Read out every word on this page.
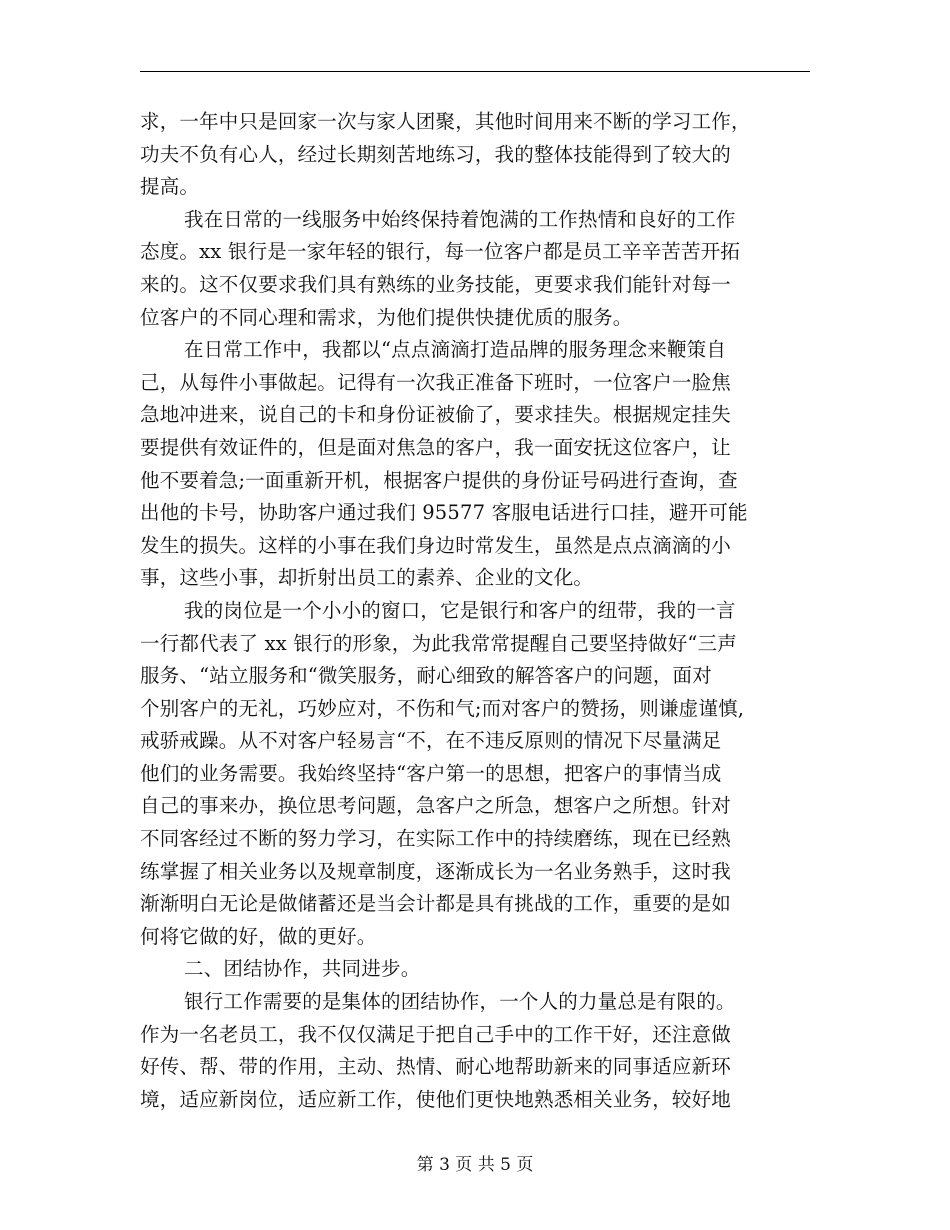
求，一年中只是回家一次与家人团聚，其他时间用来不断的学习工作，
功夫不负有心人，经过长期刻苦地练习，我的整体技能得到了较大的
提高。
我在日常的一线服务中始终保持着饱满的工作热情和良好的工作
态度。xx 银行是一家年轻的银行，每一位客户都是员工辛辛苦苦开拓
来的。这不仅要求我们具有熟练的业务技能，更要求我们能针对每一
位客户的不同心理和需求，为他们提供快捷优质的服务。
在日常工作中，我都以“点点滴滴打造品牌的服务理念来鞭策自
己，从每件小事做起。记得有一次我正准备下班时，一位客户一脸焦
急地冲进来，说自己的卡和身份证被偷了，要求挂失。根据规定挂失
要提供有效证件的，但是面对焦急的客户，我一面安抚这位客户，让
他不要着急;一面重新开机，根据客户提供的身份证号码进行查询，查
出他的卡号，协助客户通过我们 95577 客服电话进行口挂，避开可能
发生的损失。这样的小事在我们身边时常发生，虽然是点点滴滴的小
事，这些小事，却折射出员工的素养、企业的文化。
我的岗位是一个小小的窗口，它是银行和客户的纽带，我的一言
一行都代表了 xx 银行的形象，为此我常常提醒自己要坚持做好“三声
服务、“站立服务和“微笑服务，耐心细致的解答客户的问题，面对
个别客户的无礼，巧妙应对，不伤和气;而对客户的赞扬，则谦虚谨慎,
戒骄戒躁。从不对客户轻易言“不，在不违反原则的情况下尽量满足
他们的业务需要。我始终坚持“客户第一的思想，把客户的事情当成
自己的事来办，换位思考问题，急客户之所急，想客户之所想。针对
不同客经过不断的努力学习，在实际工作中的持续磨练，现在已经熟
练掌握了相关业务以及规章制度，逐渐成长为一名业务熟手，这时我
渐渐明白无论是做储蓄还是当会计都是具有挑战的工作，重要的是如
何将它做的好，做的更好。
二、团结协作，共同进步。
银行工作需要的是集体的团结协作，一个人的力量总是有限的。
作为一名老员工，我不仅仅满足于把自己手中的工作干好，还注意做
好传、帮、带的作用，主动、热情、耐心地帮助新来的同事适应新环
境，适应新岗位，适应新工作，使他们更快地熟悉相关业务，较好地
第 3 页 共 5 页
